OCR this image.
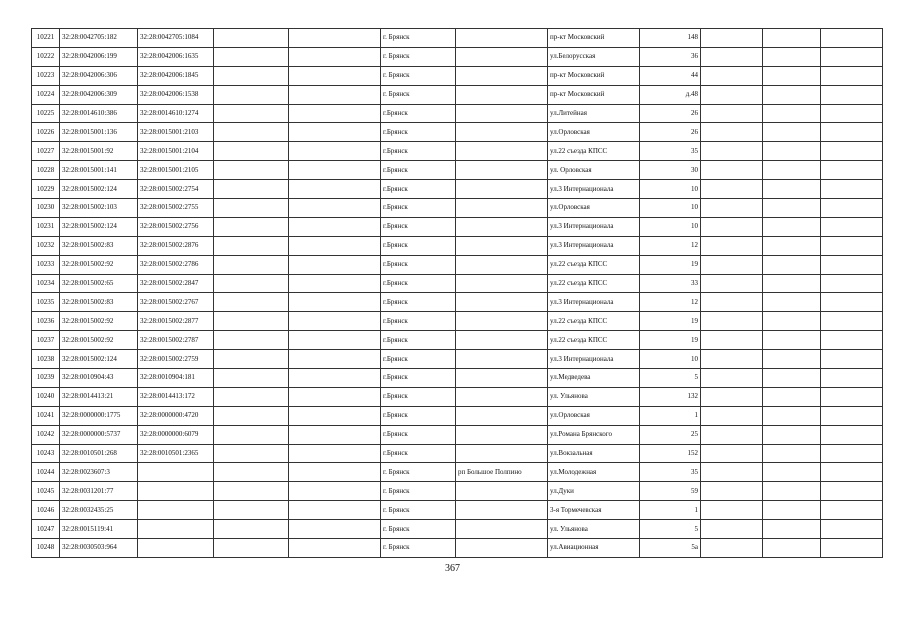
10221	32:28:0042705:182	32:28:0042705:1084			г. Брянск		пр-кт Московский	148			
10222	32:28:0042006:199	32:28:0042006:1635			г. Брянск		ул.Белорусская	36			
10223	32:28:0042006:306	32:28:0042006:1845			г. Брянск		пр-кт Московский	44			
10224	32:28:0042006:309	32:28:0042006:1538			г. Брянск		пр-кт Московский	д.48			
10225	32:28:0014610:386	32:28:0014610:1274			г.Брянск		ул.Литейная	26			
10226	32:28:0015001:136	32:28:0015001:2103			г.Брянск		ул.Орловская	26			
10227	32:28:0015001:92	32:28:0015001:2104			г.Брянск		ул.22 съезда КПСС	35			
10228	32:28:0015001:141	32:28:0015001:2105			г.Брянск		ул. Орловская	30			
10229	32:28:0015002:124	32:28:0015002:2754			г.Брянск		ул.3 Интернационала	10			
10230	32:28:0015002:103	32:28:0015002:2755			г.Брянск		ул.Орловская	10			
10231	32:28:0015002:124	32:28:0015002:2756			г.Брянск		ул.3 Интернационала	10			
10232	32:28:0015002:83	32:28:0015002:2876			г.Брянск		ул.3 Интернационала	12			
10233	32:28:0015002:92	32:28:0015002:2786			г.Брянск		ул.22 съезда КПСС	19			
10234	32:28:0015002:65	32:28:0015002:2847			г.Брянск		ул.22 съезда КПСС	33			
10235	32:28:0015002:83	32:28:0015002:2767			г.Брянск		ул.3 Интернационала	12			
10236	32:28:0015002:92	32:28:0015002:2877			г.Брянск		ул.22 съезда КПСС	19			
10237	32:28:0015002:92	32:28:0015002:2787			г.Брянск		ул.22 съезда КПСС	19			
10238	32:28:0015002:124	32:28:0015002:2759			г.Брянск		ул.3 Интернационала	10			
10239	32:28:0010904:43	32:28:0010904:181			г.Брянск		ул.Медведева	5			
10240	32:28:0014413:21	32:28:0014413:172			г.Брянск		ул. Ульянова	132			
10241	32:28:0000000:1775	32:28:0000000:4720			г.Брянск		ул.Орловская	1			
10242	32:28:0000000:5737	32:28:0000000:6079			г.Брянск		ул.Романа Брянского	25			
10243	32:28:0010501:268	32:28:0010501:2365			г.Брянск		ул.Вокзальная	152			
10244	32:28:0023607:3				г. Брянск	рп Большое Полпино	ул.Молодежная	35			
10245	32:28:0031201:77				г. Брянск		ул.Дуки	59			
10246	32:28:0032435:25				г. Брянск		3-я Тормечевская	1			
10247	32:28:0015119:41				г. Брянск		ул. Ульянова	5			
10248	32:28:0030503:964				г. Брянск		ул.Авиационная	5а			
367
